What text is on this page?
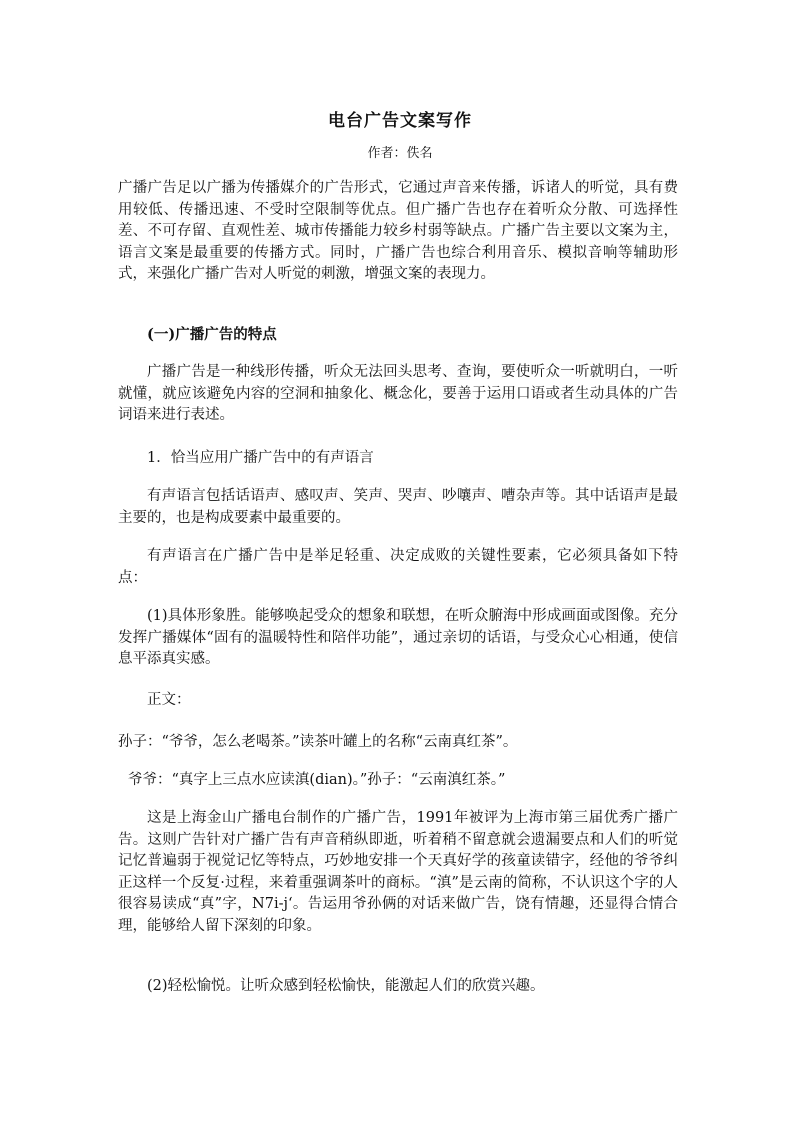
电台广告文案写作
作者：佚名

广播广告足以广播为传播媒介的广告形式，它通过声音来传播，诉诸人的听觉，具有费用较低、传播迅速、不受时空限制等优点。但广播广告也存在着听众分散、可选择性差、不可存留、直观性差、城市传播能力较乡村弱等缺点。广播广告主要以文案为主，语言文案是最重要的传播方式。同时，广播广告也综合利用音乐、模拟音响等辅助形式，来强化广播广告对人听觉的刺激，增强文案的表现力。

(一)广播广告的特点

广播广告是一种线形传播，听众无法回头思考、查询，要使听众一听就明白，一听就懂，就应该避免内容的空洞和抽象化、概念化，要善于运用口语或者生动具体的广告词语来进行表述。

1．恰当应用广播广告中的有声语言

有声语言包括话语声、感叹声、笑声、哭声、吵嚷声、嘈杂声等。其中话语声是最主要的，也是构成要素中最重要的。

有声语言在广播广告中是举足轻重、决定成败的关键性要素，它必须具备如下特点：

(1)具体形象胜。能够唤起受众的想象和联想，在听众腑海中形成画面或图像。充分发挥广播媒体“固有的温暖特性和陪伴功能”，通过亲切的话语，与受众心心相通，使信息平添真实感。

正文：

孙子：“爷爷，怎么老喝茶。”读茶叶罐上的名称“云南真红茶”。

爷爷：“真字上三点水应读滇(dian)。”孙子：“云南滇红茶。”

这是上海金山广播电台制作的广播广告，1991年被评为上海市第三届优秀广播广告。这则广告针对广播广告有声音稍纵即逝，听着稍不留意就会遗漏要点和人们的听觉记忆普遍弱于视觉记忆等特点，巧妙地安排一个天真好学的孩童读错字，经他的爷爷纠正这样一个反复·过程，来着重强调茶叶的商标。“滇”是云南的简称，不认识这个字的人很容易读成“真”字，N7i-j‘。告运用爷孙俩的对话来做广告，饶有情趣，还显得合情合理，能够给人留下深刻的印象。

(2)轻松愉悦。让听众感到轻松愉快，能激起人们的欣赏兴趣。
